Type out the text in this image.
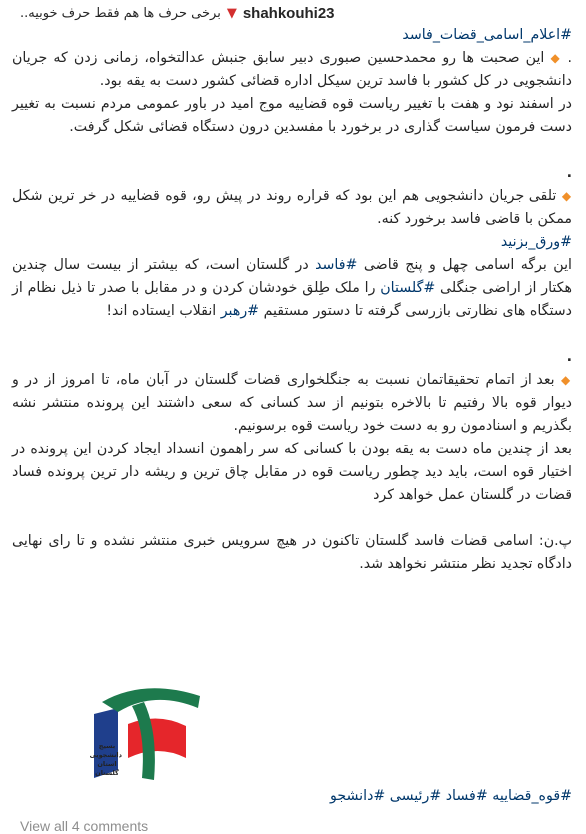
shahkouhi23
▼
برخی حرف ها هم فقط حرف خوبیه..

#اعلام_اسامی_قضات_فاسد

. ◆ این صحبت ها رو محمدحسین صبوری دبیر سابق جنبش عدالتخواه، زمانی زدن که جریان دانشجویی در کل کشور با فاسد ترین سیکل اداره قضائی کشور دست به یقه بود.

در اسفند نود و هفت با تغییر ریاست قوه قضاییه موج امید در باور عمومی مردم نسبت به تغییر دست فرمون سیاست گذاری در برخورد با مفسدین درون دستگاه قضائی شکل گرفت.

.

◆ تلقی جریان دانشجویی هم این بود که قراره روند در پیش رو، قوه قضاییه در خر ترین شکل ممکن با قاضی فاسد برخورد کنه.

#ورق_بزنید

این برگه اسامی چهل و پنج قاضی #فاسد در گلستان است، که بیشتر از بیست سال چندین هکتار از اراضی جنگلی #گلستان را ملک طِلق خودشان کردن و در مقابل با صدر تا ذیل نظام از دستگاه های نظارتی بازرسی گرفته تا دستور مستقیم #رهبر انقلاب ایستاده اند!

.

◆ بعد از اتمام تحقیقاتمان نسبت به جنگلخواری قضات گلستان در آبان ماه، تا امروز از در و دیوار قوه بالا رفتیم تا بالاخره بتونیم از سد کسانی که سعی داشتند این پرونده منتشر نشه بگذریم و اسنادمون رو به دست خود ریاست قوه برسونیم.

بعد از چندین ماه دست به یقه بودن با کسانی که سر راهمون انسداد ایجاد کردن این پرونده در اختیار قوه است، باید دید چطور ریاست قوه در مقابل چاق ترین و ریشه دار ترین پرونده فساد قضات در گلستان عمل خواهد کرد

پ.ن: اسامی قضات فاسد گلستان تاکنون در هیچ سرویس خبری منتشر نشده و تا رای نهایی دادگاه تجدید نظر منتشر نخواهد شد.

بسیج
دانشجویی
استان گلستان
#قوه_قضاییه #فساد #رئیسی #دانشجو
View all 4 comments
